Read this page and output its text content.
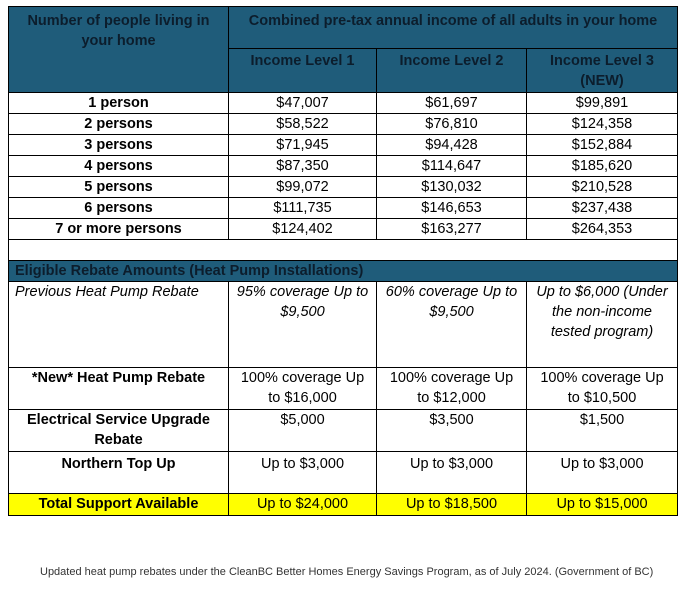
Number of people living in your home	Combined pre-tax annual income of all adults in your home		
	Income Level 1	Income Level 2	Income Level 3 (NEW)
1 person	$47,007	$61,697	$99,891
2 persons	$58,522	$76,810	$124,358
3 persons	$71,945	$94,428	$152,884
4 persons	$87,350	$114,647	$185,620
5 persons	$99,072	$130,032	$210,528
6 persons	$111,735	$146,653	$237,438
7 or more persons	$124,402	$163,277	$264,353

Eligible Rebate Amounts (Heat Pump Installations)			
Previous Heat Pump Rebate	95% coverage Up to $9,500	60% coverage Up to $9,500	Up to $6,000 (Under the non-income tested program)
*New* Heat Pump Rebate	100% coverage Up to $16,000	100% coverage Up to $12,000	100% coverage Up to $10,500
Electrical Service Upgrade Rebate	$5,000	$3,500	$1,500
Northern Top Up	Up to $3,000	Up to $3,000	Up to $3,000
Total Support Available	Up to $24,000	Up to $18,500	Up to $15,000
Updated heat pump rebates under the CleanBC Better Homes Energy Savings Program, as of July 2024. (Government of BC)
